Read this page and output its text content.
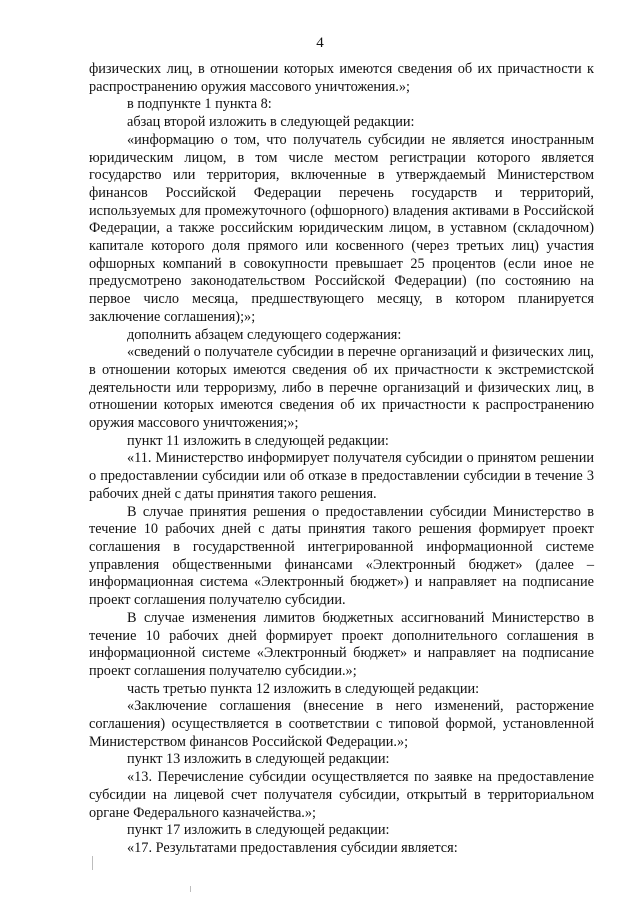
4

физических лиц, в отношении которых имеются сведения об их причастности к распространению оружия массового уничтожения.»;

в подпункте 1 пункта 8:

абзац второй изложить в следующей редакции:

«информацию о том, что получатель субсидии не является иностранным юридическим лицом, в том числе местом регистрации которого является государство или территория, включенные в утверждаемый Министерством финансов Российской Федерации перечень государств и территорий, используемых для промежуточного (офшорного) владения активами в Российской Федерации, а также российским юридическим лицом, в уставном (складочном) капитале которого доля прямого или косвенного (через третьих лиц) участия офшорных компаний в совокупности превышает 25 процентов (если иное не предусмотрено законодательством Российской Федерации) (по состоянию на первое число месяца, предшествующего месяцу, в котором планируется заключение соглашения);»;

дополнить абзацем следующего содержания:

«сведений о получателе субсидии в перечне организаций и физических лиц, в отношении которых имеются сведения об их причастности к экстремистской деятельности или терроризму, либо в перечне организаций и физических лиц, в отношении которых имеются сведения об их причастности к распространению оружия массового уничтожения;»;

пункт 11 изложить в следующей редакции:

«11. Министерство информирует получателя субсидии о принятом решении о предоставлении субсидии или об отказе в предоставлении субсидии в течение 3 рабочих дней с даты принятия такого решения.

В случае принятия решения о предоставлении субсидии Министерство в течение 10 рабочих дней с даты принятия такого решения формирует проект соглашения в государственной интегрированной информационной системе управления общественными финансами «Электронный бюджет» (далее – информационная система «Электронный бюджет») и направляет на подписание проект соглашения получателю субсидии.

В случае изменения лимитов бюджетных ассигнований Министерство в течение 10 рабочих дней формирует проект дополнительного соглашения в информационной системе «Электронный бюджет» и направляет на подписание проект соглашения получателю субсидии.»;

часть третью пункта 12 изложить в следующей редакции:

«Заключение соглашения (внесение в него изменений, расторжение соглашения) осуществляется в соответствии с типовой формой, установленной Министерством финансов Российской Федерации.»;

пункт 13 изложить в следующей редакции:

«13. Перечисление субсидии осуществляется по заявке на предоставление субсидии на лицевой счет получателя субсидии, открытый в территориальном органе Федерального казначейства.»;

пункт 17 изложить в следующей редакции:

«17. Результатами предоставления субсидии является:
